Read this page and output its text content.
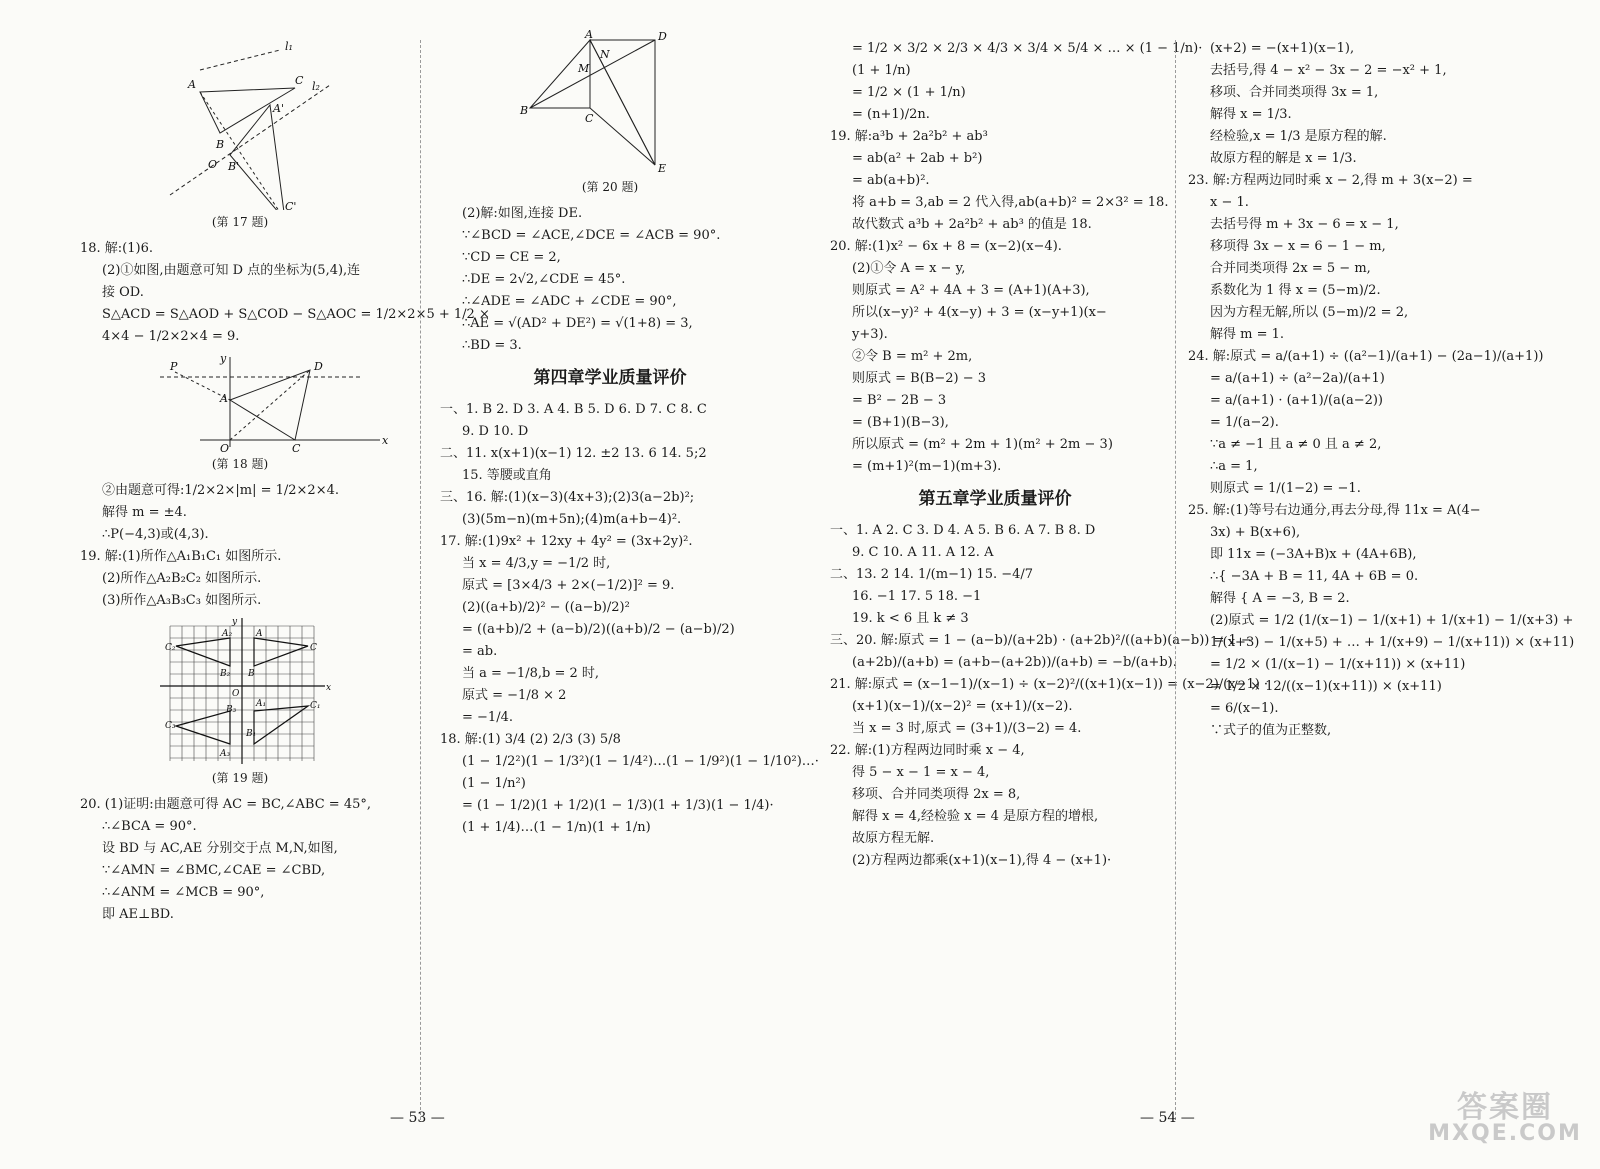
A	C
l₁
l₂
A'
B
O B'
C'
(第 17 题)
18. 解:(1)6.
(2)①如图,由题意可知 D 点的坐标为(5,4),连
接 OD.
S△ACD = S△AOD + S△COD − S△AOC = 1/2×2×5 + 1/2 ×
4×4 − 1/2×2×4 = 9.
y
P	D
A
O	C
x
(第 18 题)
②由题意可得:1/2×2×|m| = 1/2×2×4.
解得 m = ±4.
∴P(−4,3)或(4,3).
19. 解:(1)所作△A₁B₁C₁ 如图所示.
(2)所作△A₂B₂C₂ 如图所示.
(3)所作△A₃B₃C₃ 如图所示.
y
C₂
A₂	A
C
B₂ B
O
x
A₁
C₃
B₃
B₁
C₁
A₃
(第 19 题)
20. (1)证明:由题意可得 AC = BC,∠ABC = 45°,
∴∠BCA = 90°.
设 BD 与 AC,AE 分别交于点 M,N,如图,
∵∠AMN = ∠BMC,∠CAE = ∠CBD,
∴∠ANM = ∠MCB = 90°,
即 AE⊥BD.
A	D
M
N
B
C
E
(第 20 题)
(2)解:如图,连接 DE.
∵∠BCD = ∠ACE,∠DCE = ∠ACB = 90°.
∵CD = CE = 2,
∴DE = 2√2,∠CDE = 45°.
∴∠ADE = ∠ADC + ∠CDE = 90°,
∴AE = √(AD² + DE²) = √(1+8) = 3,
∴BD = 3.
第四章学业质量评价
一、1. B 2. D 3. A 4. B 5. D 6. D 7. C 8. C
9. D 10. D
二、11. x(x+1)(x−1) 12. ±2 13. 6 14. 5;2
15. 等腰或直角
三、16. 解:(1)(x−3)(4x+3);(2)3(a−2b)²;
(3)(5m−n)(m+5n);(4)m(a+b−4)².
17. 解:(1)9x² + 12xy + 4y² = (3x+2y)².
当 x = 4/3,y = −1/2 时,
原式 = [3×4/3 + 2×(−1/2)]² = 9.
(2)((a+b)/2)² − ((a−b)/2)²
= ((a+b)/2 + (a−b)/2)((a+b)/2 − (a−b)/2)
= ab.
当 a = −1/8,b = 2 时,
原式 = −1/8 × 2
= −1/4.
18. 解:(1) 3/4 (2) 2/3 (3) 5/8
(1 − 1/2²)(1 − 1/3²)(1 − 1/4²)…(1 − 1/9²)(1 − 1/10²)…·
(1 − 1/n²)
= (1 − 1/2)(1 + 1/2)(1 − 1/3)(1 + 1/3)(1 − 1/4)·
(1 + 1/4)…(1 − 1/n)(1 + 1/n)
— 53 —
= 1/2 × 3/2 × 2/3 × 4/3 × 3/4 × 5/4 × … × (1 − 1/n)·
(1 + 1/n)
= 1/2 × (1 + 1/n)
= (n+1)/2n.
19. 解:a³b + 2a²b² + ab³
= ab(a² + 2ab + b²)
= ab(a+b)².
将 a+b = 3,ab = 2 代入得,ab(a+b)² = 2×3² = 18.
故代数式 a³b + 2a²b² + ab³ 的值是 18.
20. 解:(1)x² − 6x + 8 = (x−2)(x−4).
(2)①令 A = x − y,
则原式 = A² + 4A + 3 = (A+1)(A+3),
所以(x−y)² + 4(x−y) + 3 = (x−y+1)(x−
y+3).
②令 B = m² + 2m,
则原式 = B(B−2) − 3
= B² − 2B − 3
= (B+1)(B−3),
所以原式 = (m² + 2m + 1)(m² + 2m − 3)
= (m+1)²(m−1)(m+3).
第五章学业质量评价
一、1. A 2. C 3. D 4. A 5. B 6. A 7. B 8. D
9. C 10. A 11. A 12. A
二、13. 2 14. 1/(m−1) 15. −4/7
16. −1 17. 5 18. −1
19. k < 6 且 k ≠ 3
三、20. 解:原式 = 1 − (a−b)/(a+2b) · (a+2b)²/((a+b)(a−b)) = 1 −
(a+2b)/(a+b) = (a+b−(a+2b))/(a+b) = −b/(a+b).
21. 解:原式 = (x−1−1)/(x−1) ÷ (x−2)²/((x+1)(x−1)) = (x−2)/(x−1) ·
(x+1)(x−1)/(x−2)² = (x+1)/(x−2).
当 x = 3 时,原式 = (3+1)/(3−2) = 4.
22. 解:(1)方程两边同时乘 x − 4,
得 5 − x − 1 = x − 4,
移项、合并同类项得 2x = 8,
解得 x = 4,经检验 x = 4 是原方程的增根,
故原方程无解.
(2)方程两边都乘(x+1)(x−1),得 4 − (x+1)·
(x+2) = −(x+1)(x−1),
去括号,得 4 − x² − 3x − 2 = −x² + 1,
移项、合并同类项得 3x = 1,
解得 x = 1/3.
经检验,x = 1/3 是原方程的解.
故原方程的解是 x = 1/3.
23. 解:方程两边同时乘 x − 2,得 m + 3(x−2) =
x − 1.
去括号得 m + 3x − 6 = x − 1,
移项得 3x − x = 6 − 1 − m,
合并同类项得 2x = 5 − m,
系数化为 1 得 x = (5−m)/2.
因为方程无解,所以 (5−m)/2 = 2,
解得 m = 1.
24. 解:原式 = a/(a+1) ÷ ((a²−1)/(a+1) − (2a−1)/(a+1))
= a/(a+1) ÷ (a²−2a)/(a+1)
= a/(a+1) · (a+1)/(a(a−2))
= 1/(a−2).
∵a ≠ −1 且 a ≠ 0 且 a ≠ 2,
∴a = 1,
则原式 = 1/(1−2) = −1.
25. 解:(1)等号右边通分,再去分母,得 11x = A(4−
3x) + B(x+6),
即 11x = (−3A+B)x + (4A+6B),
∴{ −3A + B = 11, 4A + 6B = 0.
解得 { A = −3, B = 2.
(2)原式 = 1/2 (1/(x−1) − 1/(x+1) + 1/(x+1) − 1/(x+3) +
1/(x+3) − 1/(x+5) + … + 1/(x+9) − 1/(x+11)) × (x+11)
= 1/2 × (1/(x−1) − 1/(x+11)) × (x+11)
= 1/2 × 12/((x−1)(x+11)) × (x+11)
= 6/(x−1).
∵式子的值为正整数,
— 54 —	答案圈
MXQE.COM
